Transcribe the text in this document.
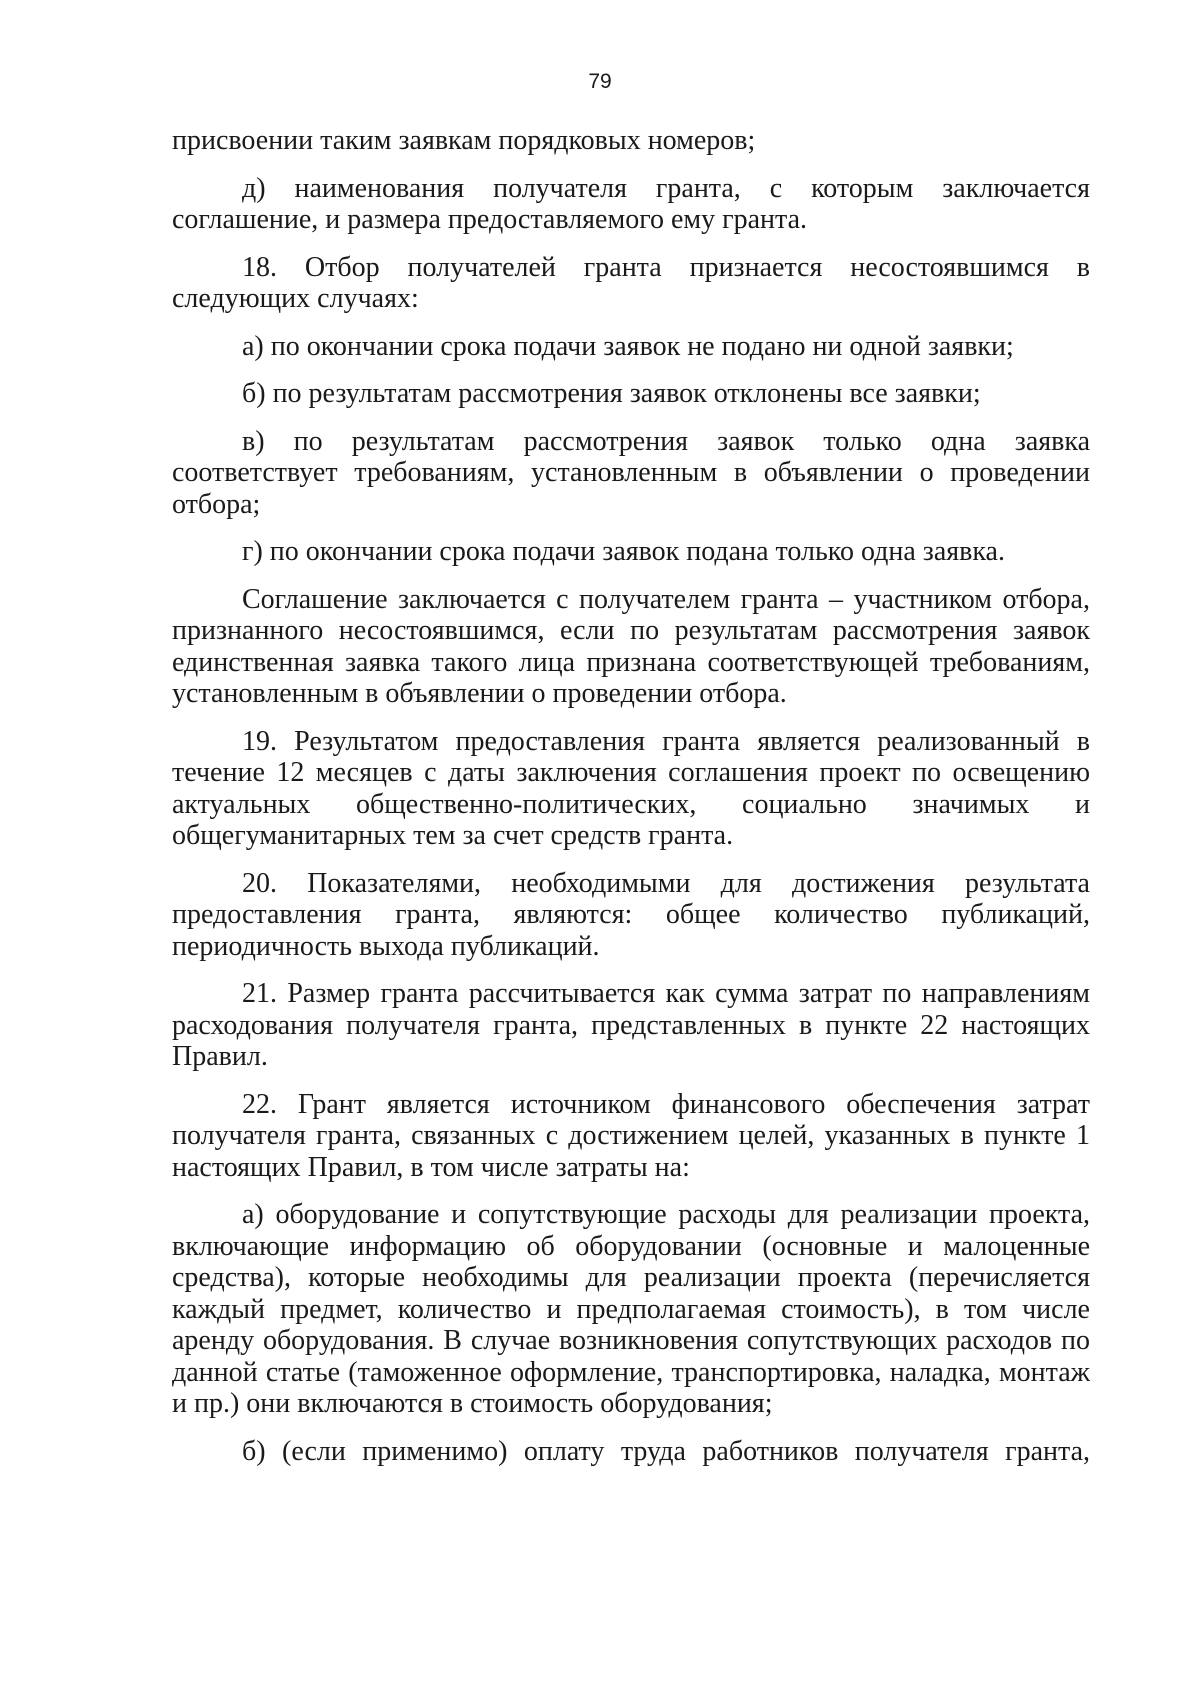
79

присвоении таким заявкам порядковых номеров;

д) наименования получателя гранта, с которым заключается соглашение, и размера предоставляемого ему гранта.

18. Отбор получателей гранта признается несостоявшимся в следующих случаях:

а) по окончании срока подачи заявок не подано ни одной заявки;

б) по результатам рассмотрения заявок отклонены все заявки;

в) по результатам рассмотрения заявок только одна заявка соответствует требованиям, установленным в объявлении о проведении отбора;

г) по окончании срока подачи заявок подана только одна заявка.

Соглашение заключается с получателем гранта – участником отбора, признанного несостоявшимся, если по результатам рассмотрения заявок единственная заявка такого лица признана соответствующей требованиям, установленным в объявлении о проведении отбора.

19. Результатом предоставления гранта является реализованный в течение 12 месяцев с даты заключения соглашения проект по освещению актуальных общественно-политических, социально значимых и общегуманитарных тем за счет средств гранта.

20. Показателями, необходимыми для достижения результата предоставления гранта, являются: общее количество публикаций, периодичность выхода публикаций.

21. Размер гранта рассчитывается как сумма затрат по направлениям расходования получателя гранта, представленных в пункте 22 настоящих Правил.

22. Грант является источником финансового обеспечения затрат получателя гранта, связанных с достижением целей, указанных в пункте 1 настоящих Правил, в том числе затраты на:

а) оборудование и сопутствующие расходы для реализации проекта, включающие информацию об оборудовании (основные и малоценные средства), которые необходимы для реализации проекта (перечисляется каждый предмет, количество и предполагаемая стоимость), в том числе аренду оборудования. В случае возникновения сопутствующих расходов по данной статье (таможенное оформление, транспортировка, наладка, монтаж и пр.) они включаются в стоимость оборудования;

б) (если применимо) оплату труда работников получателя гранта,
